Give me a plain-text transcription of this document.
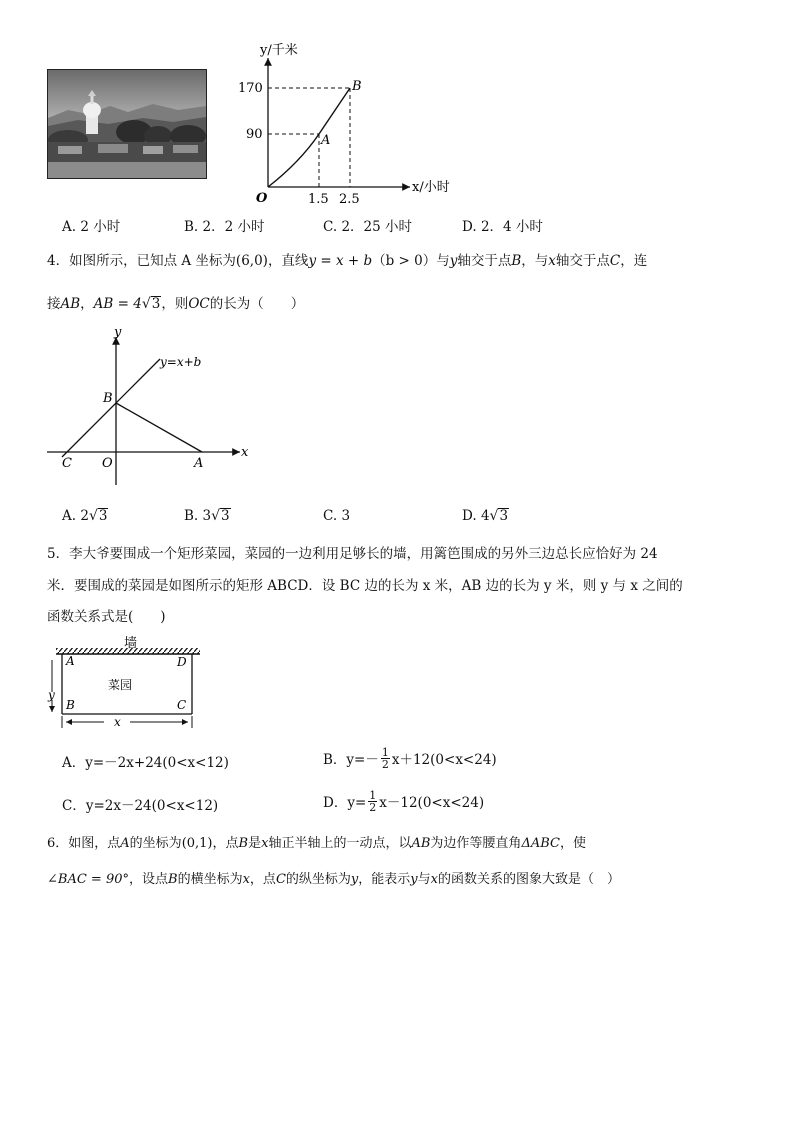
y/千米
x/小时
170
90
1.5 2.5
O
A
B
A. 2 小时	B. 2．2 小时	C. 2．25 小时	D. 2．4 小时
4．如图所示，已知点 A 坐标为(6,0)，直线y = x + b（b > 0）与y轴交于点B，与x轴交于点C，连
接AB，AB = 4√3，则OC的长为（　　）
y
x
y=x+b
B
C O	A
A. 2√3	B. 3√3	C. 3	D. 4√3
5．李大爷要围成一个矩形菜园，菜园的一边利用足够长的墙，用篱笆围成的另外三边总长应恰好为 24
米．要围成的菜园是如图所示的矩形 ABCD．设 BC 边的长为 x 米，AB 边的长为 y 米，则 y 与 x 之间的
函数关系式是(　　)
墙
菜园
A
B	C
D
y
x
A．y=－2x+24(0<x<12)	B．$y=- \frac{1}{2} x+12(0<x<24)$
C．y=2x－24(0<x<12)	D．$y= \frac{1}{2} x-12(0<x<24)$
6．如图，点A的坐标为(0,1)，点B是x轴正半轴上的一动点，以AB为边作等腰直角ΔABC，使
∠BAC = 90°，设点B的横坐标为x，点C的纵坐标为y，能表示y与x的函数关系的图象大致是（　）
